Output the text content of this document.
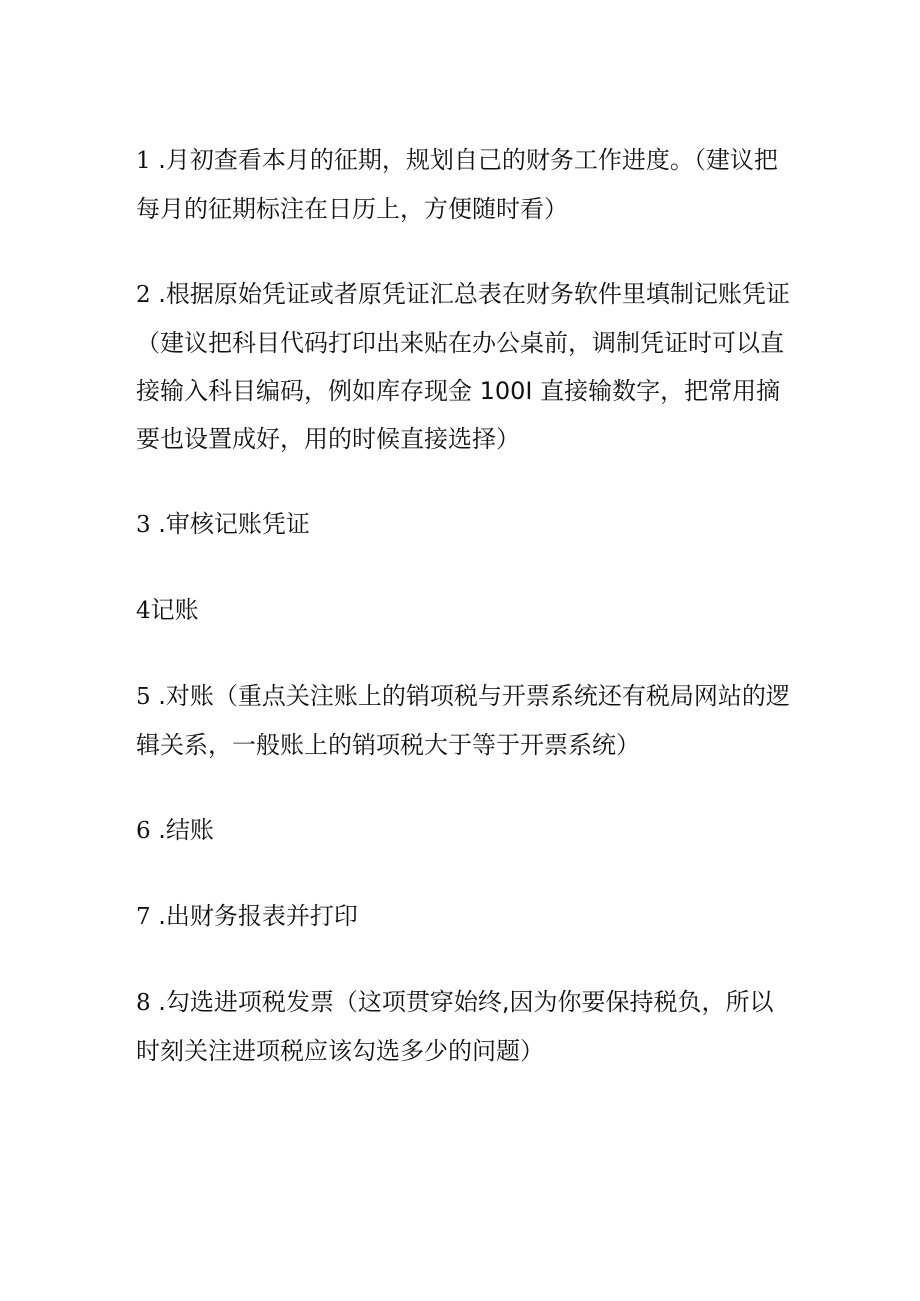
1 .月初查看本月的征期，规划自己的财务工作进度。（建议把每月的征期标注在日历上，方便随时看）

2 .根据原始凭证或者原凭证汇总表在财务软件里填制记账凭证（建议把科目代码打印出来贴在办公桌前，调制凭证时可以直接输入科目编码，例如库存现金 100I 直接输数字，把常用摘要也设置成好，用的时候直接选择）

3 .审核记账凭证

4记账

5 .对账（重点关注账上的销项税与开票系统还有税局网站的逻辑关系，一般账上的销项税大于等于开票系统）

6 .结账

7 .出财务报表并打印

8 .勾选进项税发票（这项贯穿始终,因为你要保持税负，所以时刻关注进项税应该勾选多少的问题）
